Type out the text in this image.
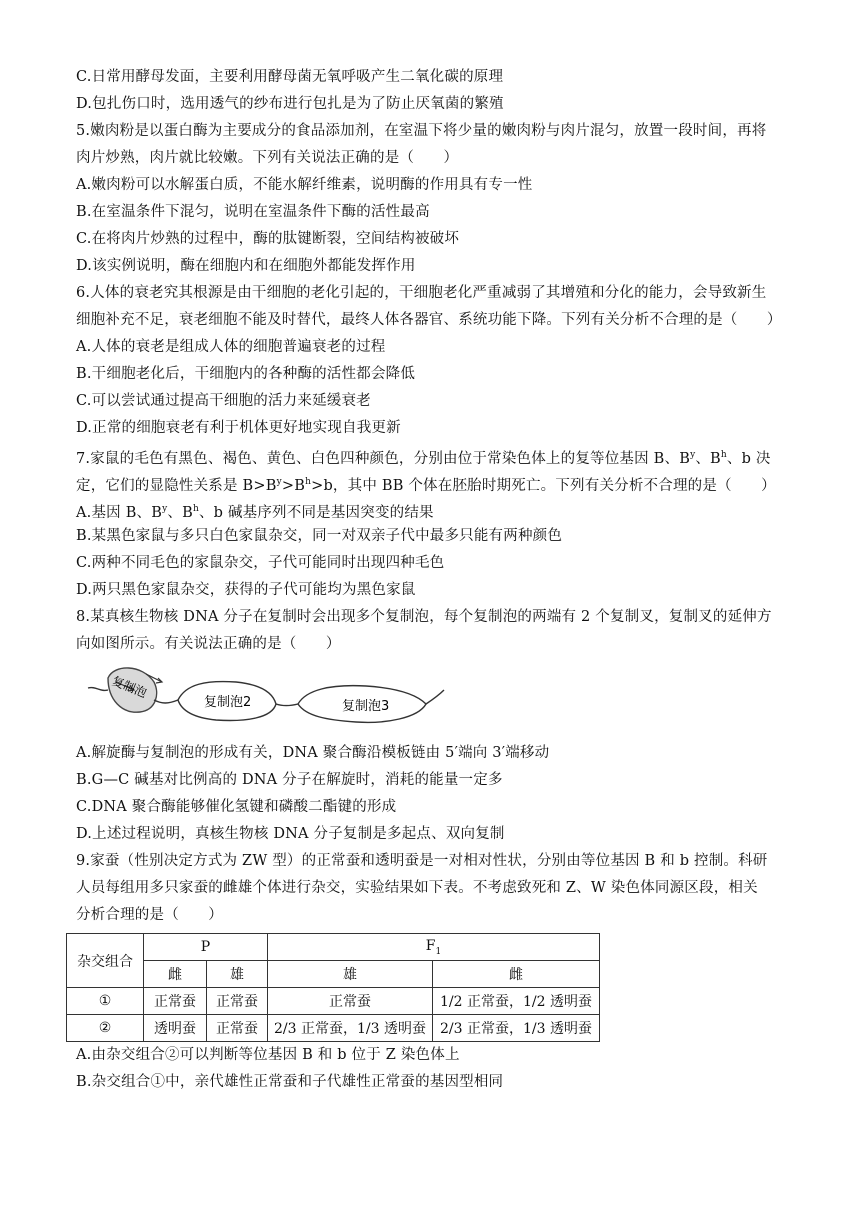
C.日常用酵母发面，主要利用酵母菌无氧呼吸产生二氧化碳的原理
D.包扎伤口时，选用透气的纱布进行包扎是为了防止厌氧菌的繁殖
5.嫩肉粉是以蛋白酶为主要成分的食品添加剂，在室温下将少量的嫩肉粉与肉片混匀，放置一段时间，再将
肉片炒熟，肉片就比较嫩。下列有关说法正确的是（　　）
A.嫩肉粉可以水解蛋白质，不能水解纤维素，说明酶的作用具有专一性
B.在室温条件下混匀，说明在室温条件下酶的活性最高
C.在将肉片炒熟的过程中，酶的肽键断裂，空间结构被破坏
D.该实例说明，酶在细胞内和在细胞外都能发挥作用
6.人体的衰老究其根源是由干细胞的老化引起的，干细胞老化严重减弱了其增殖和分化的能力，会导致新生
细胞补充不足，衰老细胞不能及时替代，最终人体各器官、系统功能下降。下列有关分析不合理的是（　　）
A.人体的衰老是组成人体的细胞普遍衰老的过程
B.干细胞老化后，干细胞内的各种酶的活性都会降低
C.可以尝试通过提高干细胞的活力来延缓衰老
D.正常的细胞衰老有利于机体更好地实现自我更新
7.家鼠的毛色有黑色、褐色、黄色、白色四种颜色，分别由位于常染色体上的复等位基因 B、$B^y$、$B^h$、b 决
定，它们的显隐性关系是 $B>B^y>B^h>b$，其中 BB 个体在胚胎时期死亡。下列有关分析不合理的是（　　）
A.基因 B、$B^y$、$B^h$、b 碱基序列不同是基因突变的结果
B.某黑色家鼠与多只白色家鼠杂交，同一对双亲子代中最多只能有两种颜色
C.两种不同毛色的家鼠杂交，子代可能同时出现四种毛色
D.两只黑色家鼠杂交，获得的子代可能均为黑色家鼠
8.某真核生物核 DNA 分子在复制时会出现多个复制泡，每个复制泡的两端有 2 个复制叉，复制叉的延伸方
向如图所示。有关说法正确的是（　　）
复制泡
复制泡2	复制泡3
A.解旋酶与复制泡的形成有关，DNA 聚合酶沿模板链由 5′端向 3′端移动
B.G—C 碱基对比例高的 DNA 分子在解旋时，消耗的能量一定多
C.DNA 聚合酶能够催化氢键和磷酸二酯键的形成
D.上述过程说明，真核生物核 DNA 分子复制是多起点、双向复制
9.家蚕（性别决定方式为 ZW 型）的正常蚕和透明蚕是一对相对性状，分别由等位基因 B 和 b 控制。科研
人员每组用多只家蚕的雌雄个体进行杂交，实验结果如下表。不考虑致死和 Z、W 染色体同源区段，相关
分析合理的是（　　）
杂交组合	P		$F_1$
	雌	雄	雄	雌
①	正常蚕	正常蚕	正常蚕	1/2 正常蚕，1/2 透明蚕
②	透明蚕	正常蚕	2/3 正常蚕，1/3 透明蚕	2/3 正常蚕，1/3 透明蚕
A.由杂交组合②可以判断等位基因 B 和 b 位于 Z 染色体上
B.杂交组合①中，亲代雄性正常蚕和子代雄性正常蚕的基因型相同
